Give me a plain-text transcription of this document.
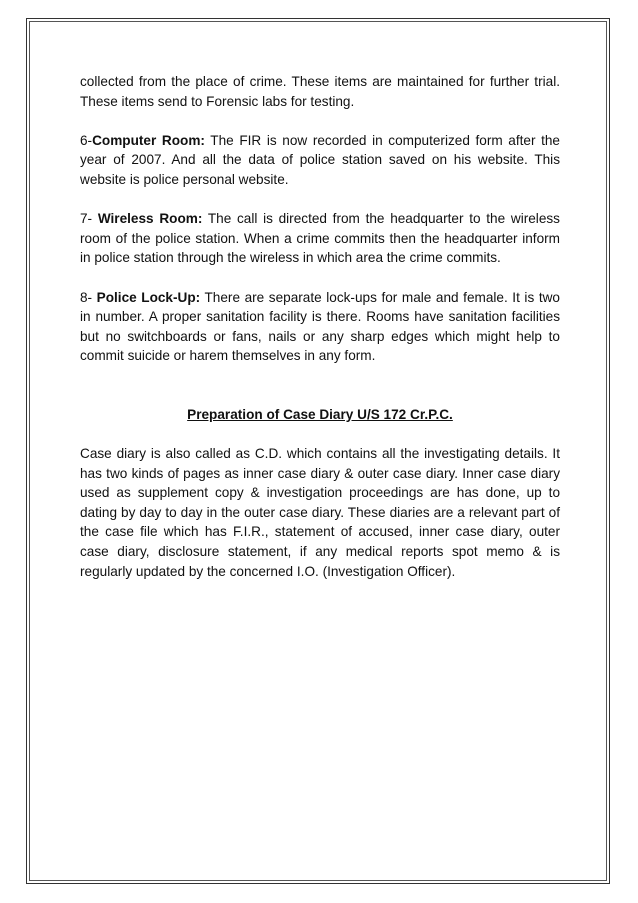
collected from the place of crime. These items are maintained for further trial. These items send to Forensic labs for testing.

6-Computer Room: The FIR is now recorded in computerized form after the year of 2007. And all the data of police station saved on his website. This website is police personal website.

7- Wireless Room: The call is directed from the headquarter to the wireless room of the police station. When a crime commits then the headquarter inform in police station through the wireless in which area the crime commits.

8- Police Lock-Up: There are separate lock-ups for male and female. It is two in number. A proper sanitation facility is there. Rooms have sanitation facilities but no switchboards or fans, nails or any sharp edges which might help to commit suicide or harem themselves in any form.

Preparation of Case Diary U/S 172 Cr.P.C.

Case diary is also called as C.D. which contains all the investigating details. It has two kinds of pages as inner case diary & outer case diary. Inner case diary used as supplement copy & investigation proceedings are has done, up to dating by day to day in the outer case diary. These diaries are a relevant part of the case file which has F.I.R., statement of accused, inner case diary, outer case diary, disclosure statement, if any medical reports spot memo & is regularly updated by the concerned I.O. (Investigation Officer).
